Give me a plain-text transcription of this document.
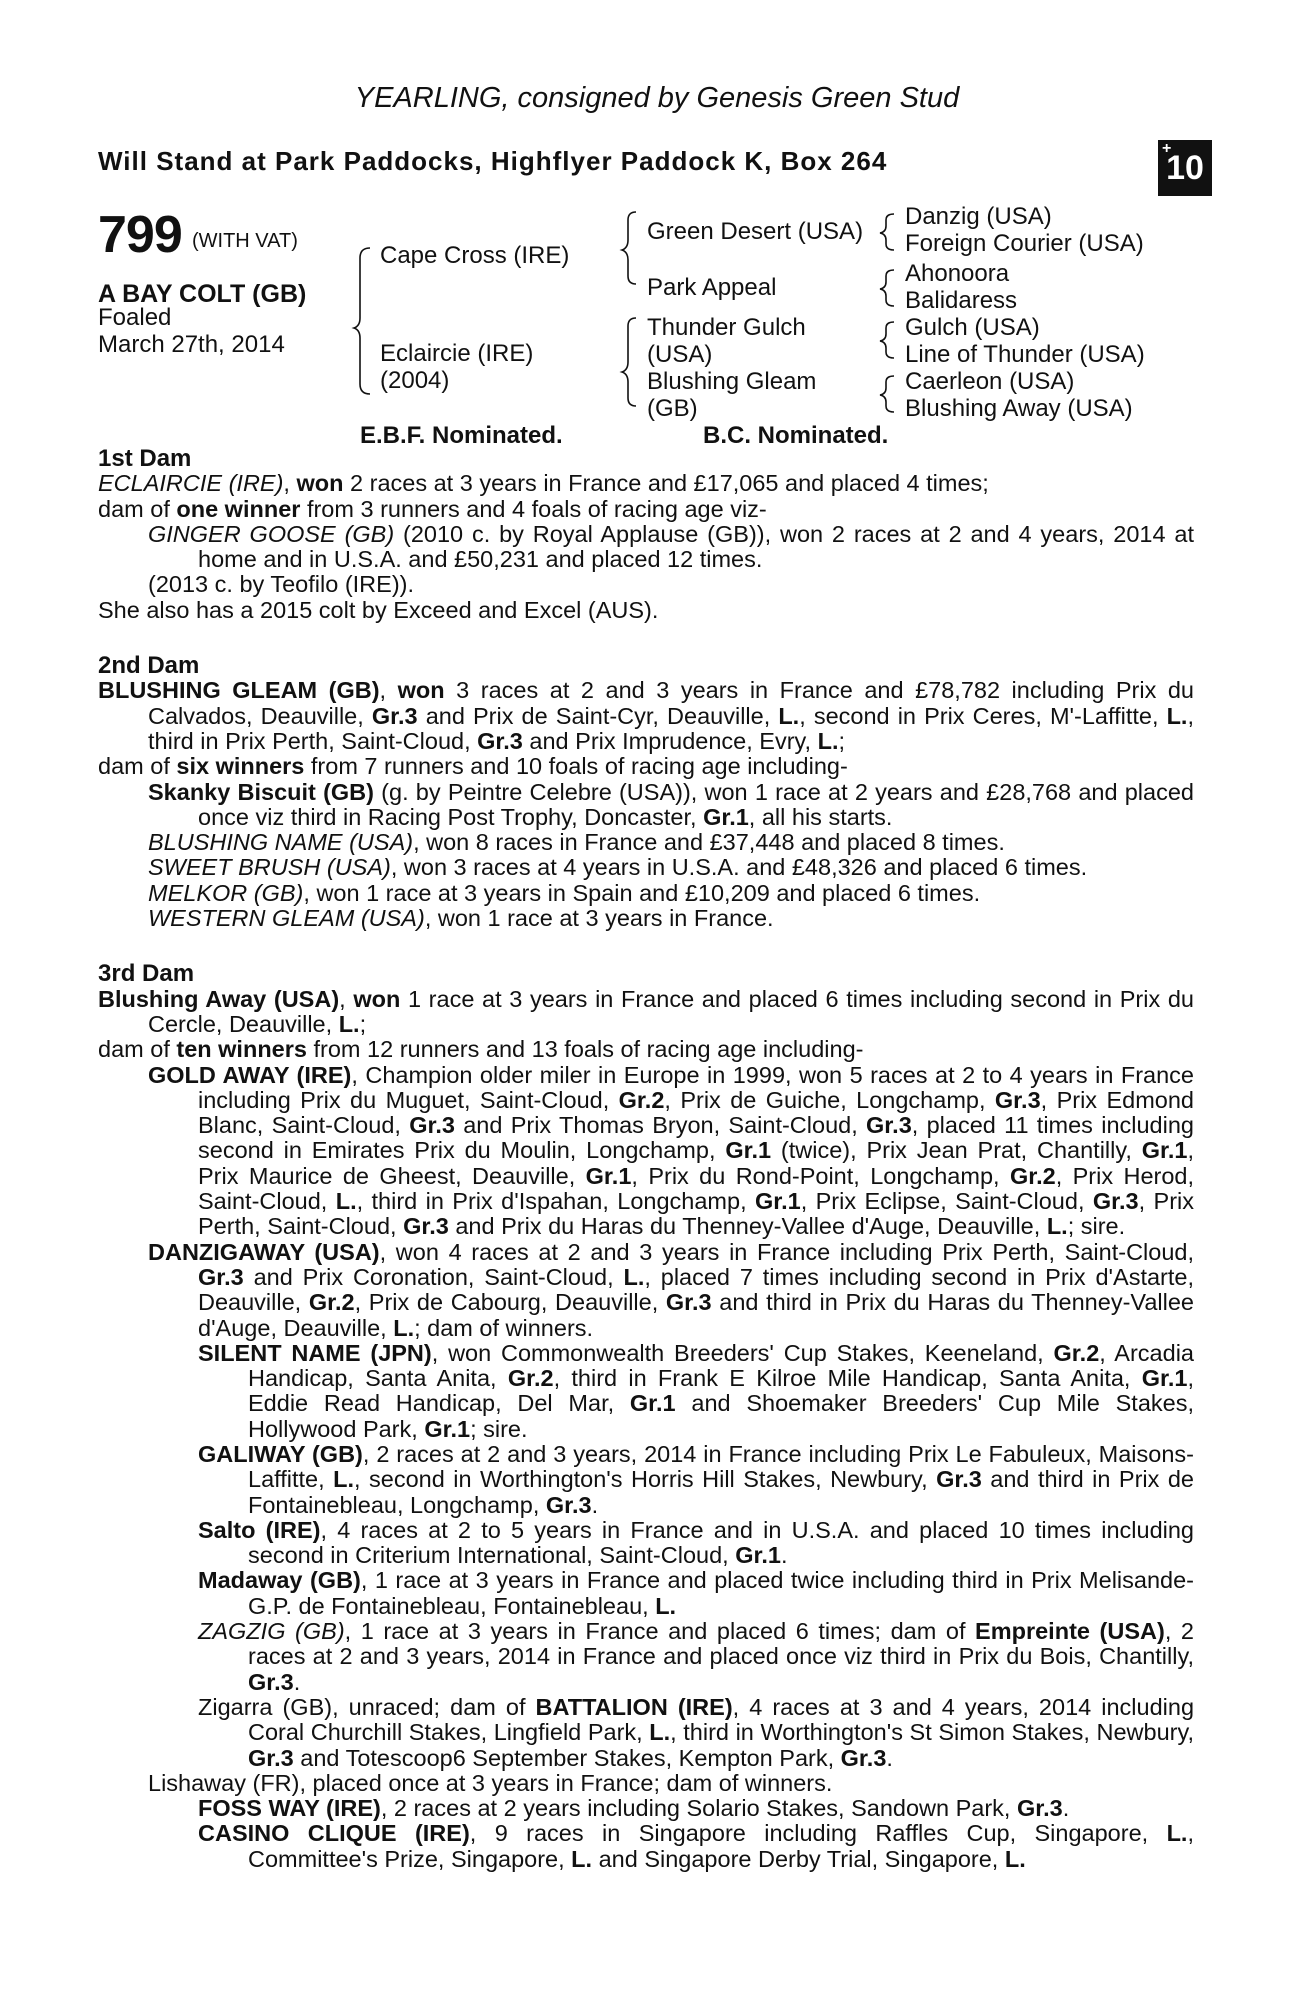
YEARLING, consigned by Genesis Green Stud
Will Stand at Park Paddocks, Highflyer Paddock K, Box 264	+
10
799 (WITH VAT)
A BAY COLT (GB)
Foaled
March 27th, 2014
Cape Cross (IRE)
Eclaircie (IRE)
(2004)
Green Desert (USA)
Park Appeal
Thunder Gulch
(USA)
Blushing Gleam
(GB)
Danzig (USA)
Foreign Courier (USA)
Ahonoora
Balidaress
Gulch (USA)
Line of Thunder (USA)
Caerleon (USA)
Blushing Away (USA)
E.B.F. Nominated.	B.C. Nominated.

1st Dam

ECLAIRCIE (IRE), won 2 races at 3 years in France and £17,065 and placed 4 times;

dam of one winner from 3 runners and 4 foals of racing age viz-

GINGER GOOSE (GB) (2010 c. by Royal Applause (GB)), won 2 races at 2 and 4 years, 2014 at home and in U.S.A. and £50,231 and placed 12 times.

(2013 c. by Teofilo (IRE)).

She also has a 2015 colt by Exceed and Excel (AUS).

2nd Dam

BLUSHING GLEAM (GB), won 3 races at 2 and 3 years in France and £78,782 including Prix du Calvados, Deauville, Gr.3 and Prix de Saint-Cyr, Deauville, L., second in Prix Ceres, M'-Laffitte, L., third in Prix Perth, Saint-Cloud, Gr.3 and Prix Imprudence, Evry, L.;

dam of six winners from 7 runners and 10 foals of racing age including-

Skanky Biscuit (GB) (g. by Peintre Celebre (USA)), won 1 race at 2 years and £28,768 and placed once viz third in Racing Post Trophy, Doncaster, Gr.1, all his starts.

BLUSHING NAME (USA), won 8 races in France and £37,448 and placed 8 times.

SWEET BRUSH (USA), won 3 races at 4 years in U.S.A. and £48,326 and placed 6 times.

MELKOR (GB), won 1 race at 3 years in Spain and £10,209 and placed 6 times.

WESTERN GLEAM (USA), won 1 race at 3 years in France.

3rd Dam

Blushing Away (USA), won 1 race at 3 years in France and placed 6 times including second in Prix du Cercle, Deauville, L.;

dam of ten winners from 12 runners and 13 foals of racing age including-

GOLD AWAY (IRE), Champion older miler in Europe in 1999, won 5 races at 2 to 4 years in France including Prix du Muguet, Saint-Cloud, Gr.2, Prix de Guiche, Longchamp, Gr.3, Prix Edmond Blanc, Saint-Cloud, Gr.3 and Prix Thomas Bryon, Saint-Cloud, Gr.3, placed 11 times including second in Emirates Prix du Moulin, Longchamp, Gr.1 (twice), Prix Jean Prat, Chantilly, Gr.1, Prix Maurice de Gheest, Deauville, Gr.1, Prix du Rond-Point, Longchamp, Gr.2, Prix Herod, Saint-Cloud, L., third in Prix d'Ispahan, Longchamp, Gr.1, Prix Eclipse, Saint-Cloud, Gr.3, Prix Perth, Saint-Cloud, Gr.3 and Prix du Haras du Thenney-Vallee d'Auge, Deauville, L.; sire.

DANZIGAWAY (USA), won 4 races at 2 and 3 years in France including Prix Perth, Saint-Cloud, Gr.3 and Prix Coronation, Saint-Cloud, L., placed 7 times including second in Prix d'Astarte, Deauville, Gr.2, Prix de Cabourg, Deauville, Gr.3 and third in Prix du Haras du Thenney-Vallee d'Auge, Deauville, L.; dam of winners.

SILENT NAME (JPN), won Commonwealth Breeders' Cup Stakes, Keeneland, Gr.2, Arcadia Handicap, Santa Anita, Gr.2, third in Frank E Kilroe Mile Handicap, Santa Anita, Gr.1, Eddie Read Handicap, Del Mar, Gr.1 and Shoemaker Breeders' Cup Mile Stakes, Hollywood Park, Gr.1; sire.

GALIWAY (GB), 2 races at 2 and 3 years, 2014 in France including Prix Le Fabuleux, Maisons-Laffitte, L., second in Worthington's Horris Hill Stakes, Newbury, Gr.3 and third in Prix de Fontainebleau, Longchamp, Gr.3.

Salto (IRE), 4 races at 2 to 5 years in France and in U.S.A. and placed 10 times including second in Criterium International, Saint-Cloud, Gr.1.

Madaway (GB), 1 race at 3 years in France and placed twice including third in Prix Melisande-G.P. de Fontainebleau, Fontainebleau, L.

ZAGZIG (GB), 1 race at 3 years in France and placed 6 times; dam of Empreinte (USA), 2 races at 2 and 3 years, 2014 in France and placed once viz third in Prix du Bois, Chantilly, Gr.3.

Zigarra (GB), unraced; dam of BATTALION (IRE), 4 races at 3 and 4 years, 2014 including Coral Churchill Stakes, Lingfield Park, L., third in Worthington's St Simon Stakes, Newbury, Gr.3 and Totescoop6 September Stakes, Kempton Park, Gr.3.

Lishaway (FR), placed once at 3 years in France; dam of winners.

FOSS WAY (IRE), 2 races at 2 years including Solario Stakes, Sandown Park, Gr.3.

CASINO CLIQUE (IRE), 9 races in Singapore including Raffles Cup, Singapore, L., Committee's Prize, Singapore, L. and Singapore Derby Trial, Singapore, L.
